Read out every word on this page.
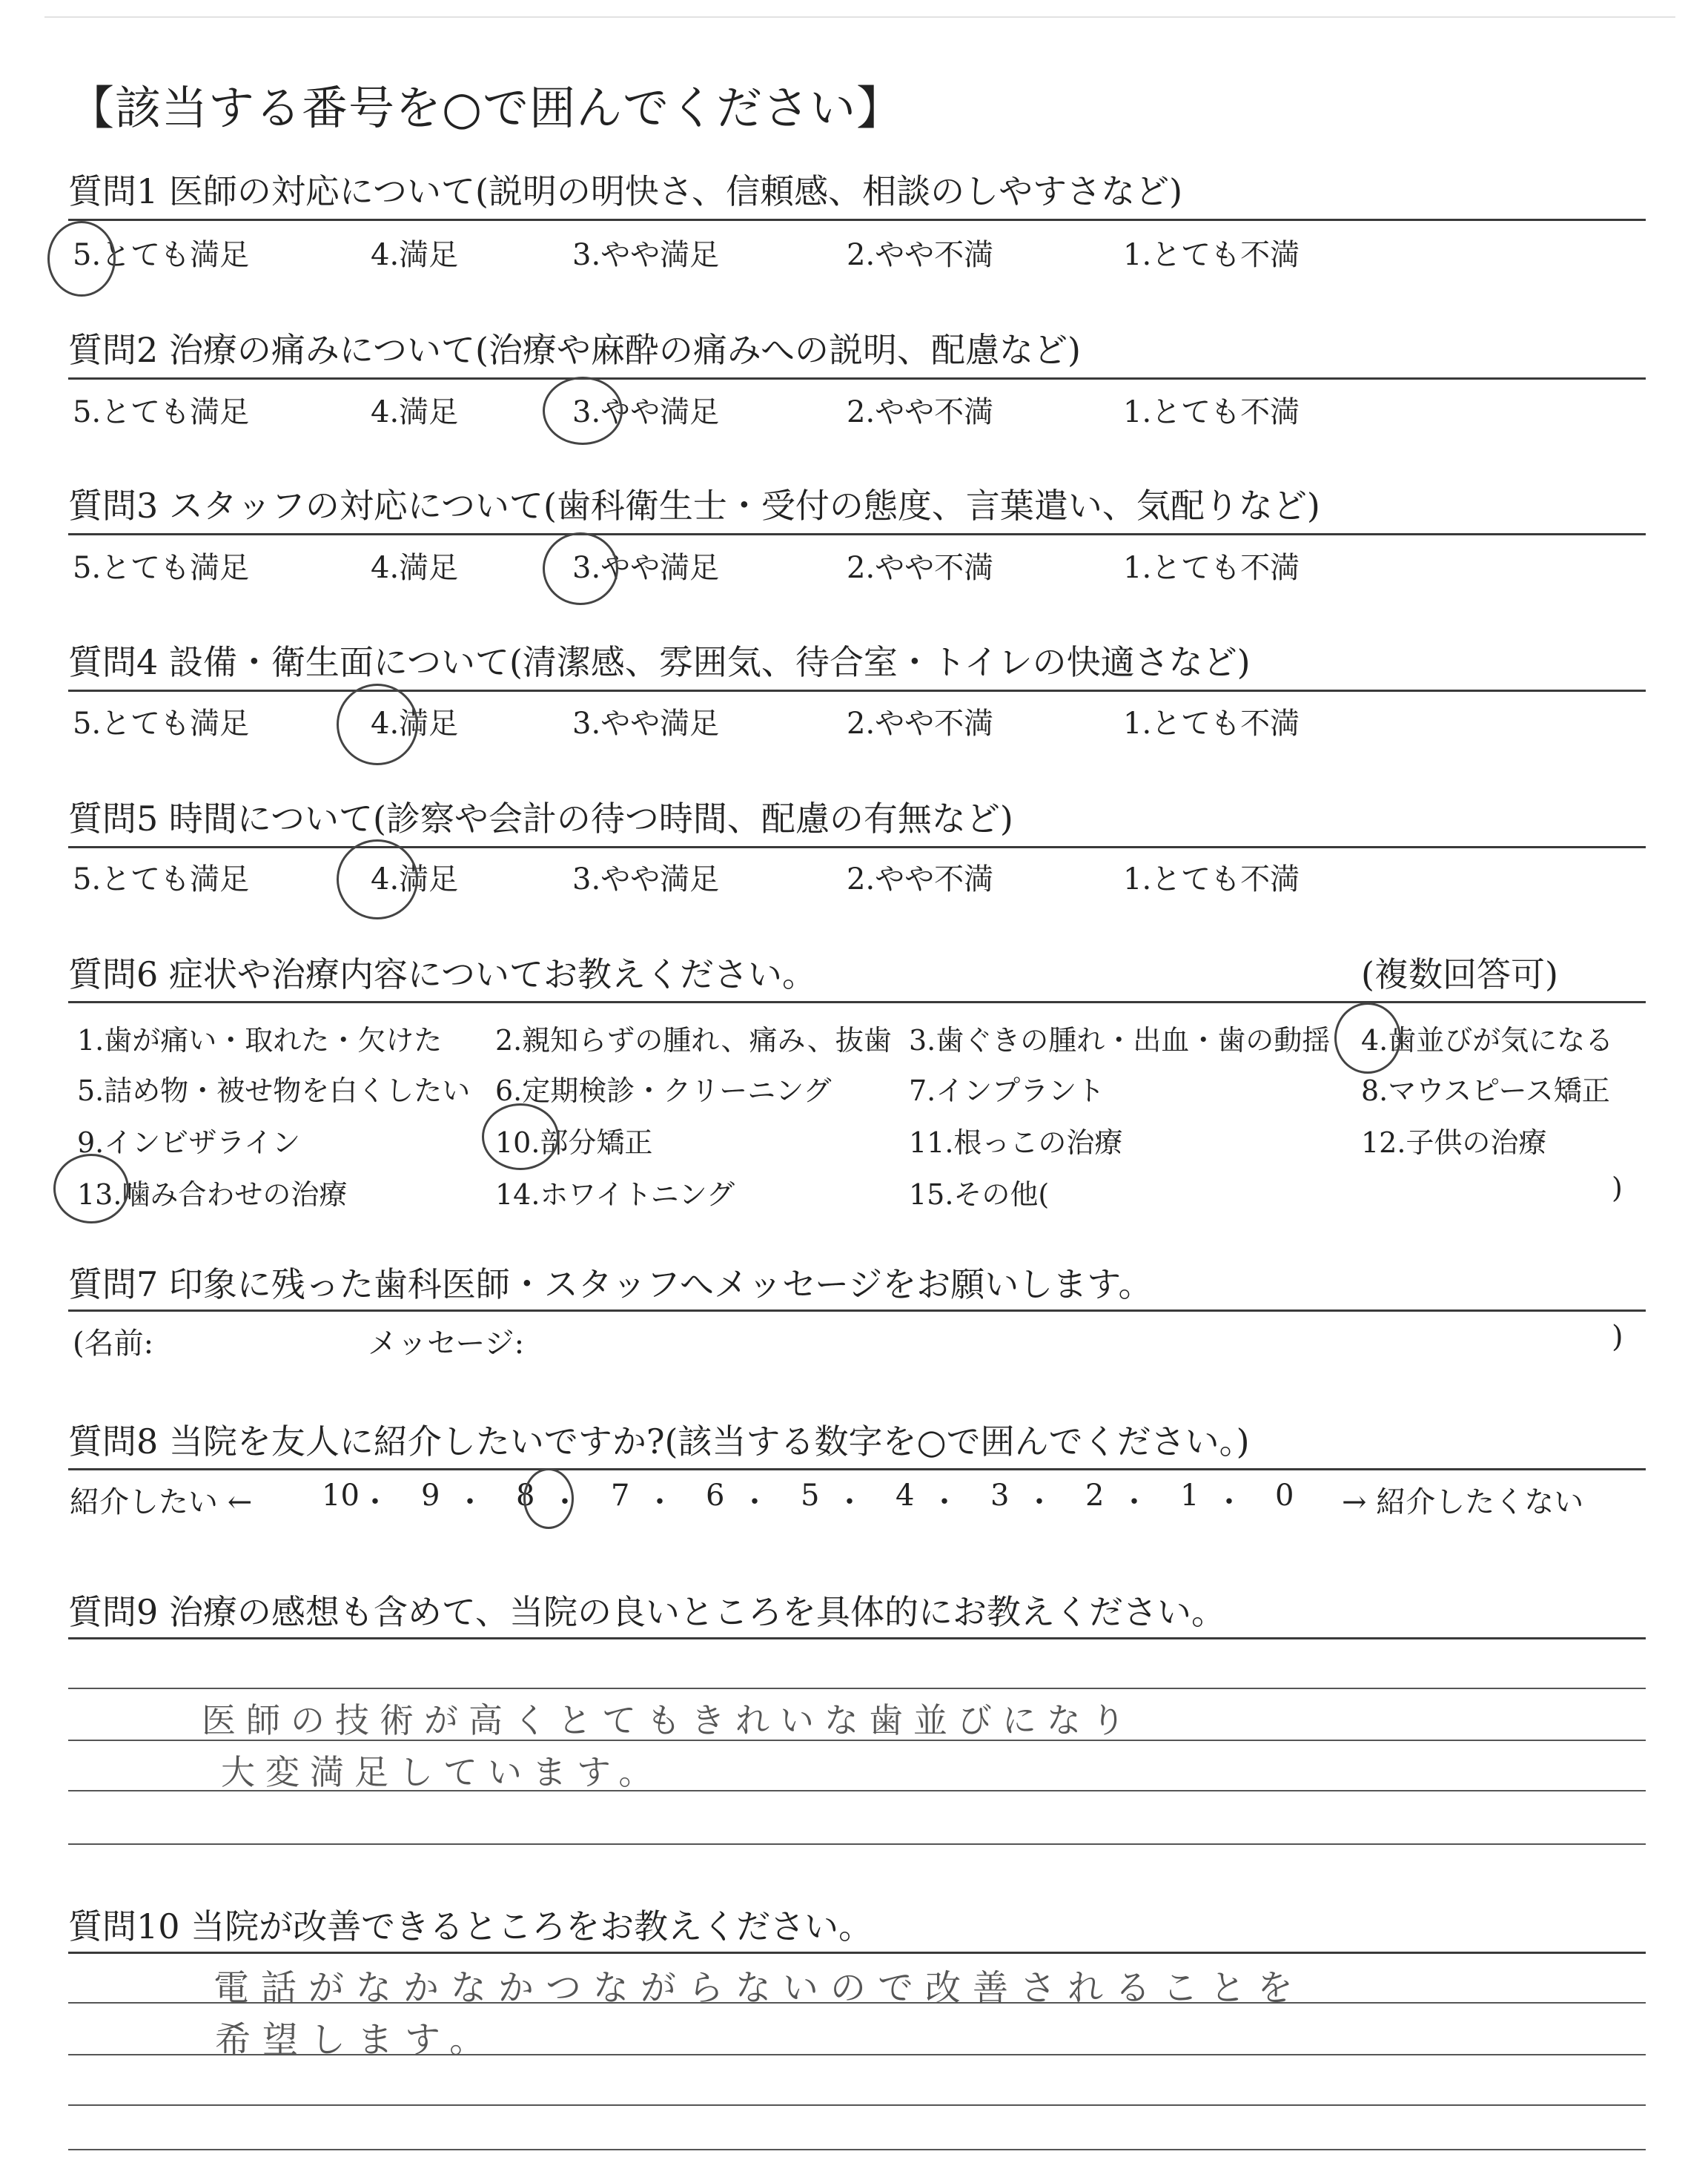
【該当する番号を○で囲んでください】
質問1 医師の対応について(説明の明快さ、信頼感、相談のしやすさなど)
5.とても満足	4.満足	3.やや満足	2.やや不満	1.とても不満
質問2 治療の痛みについて(治療や麻酔の痛みへの説明、配慮など)
5.とても満足	4.満足	3.やや満足	2.やや不満	1.とても不満
質問3 スタッフの対応について(歯科衛生士・受付の態度、言葉遣い、気配りなど)
5.とても満足	4.満足	3.やや満足	2.やや不満	1.とても不満
質問4 設備・衛生面について(清潔感、雰囲気、待合室・トイレの快適さなど)
5.とても満足	4.満足	3.やや満足	2.やや不満	1.とても不満
質問5 時間について(診察や会計の待つ時間、配慮の有無など)
5.とても満足	4.満足	3.やや満足	2.やや不満	1.とても不満
質問6 症状や治療内容についてお教えください。	(複数回答可)
1.歯が痛い・取れた・欠けた 2.親知らずの腫れ、痛み、抜歯 3.歯ぐきの腫れ・出血・歯の動揺 4.歯並びが気になる
5.詰め物・被せ物を白くしたい 6.定期検診・クリーニング	7.インプラント	8.マウスピース矯正
9.インビザライン	10.部分矯正	11.根っこの治療	12.子供の治療
13.噛み合わせの治療	14.ホワイトニング	15.その他(	)
質問7 印象に残った歯科医師・スタッフへメッセージをお願いします。
(名前:	メッセージ:	)
質問8 当院を友人に紹介したいですか?(該当する数字を○で囲んでください。)
紹介したい ←	→ 紹介したくない
10 ・ 9 ・ 8 ・ 7 ・ 6 ・ 5 ・ 4 ・ 3 ・ 2 ・ 1 ・ 0
質問9 治療の感想も含めて、当院の良いところを具体的にお教えください。
医師の技術が高くとてもきれいな歯並びになり
大変満足しています。
質問10 当院が改善できるところをお教えください。
電話がなかなかつながらないので改善されることを
希望します。
